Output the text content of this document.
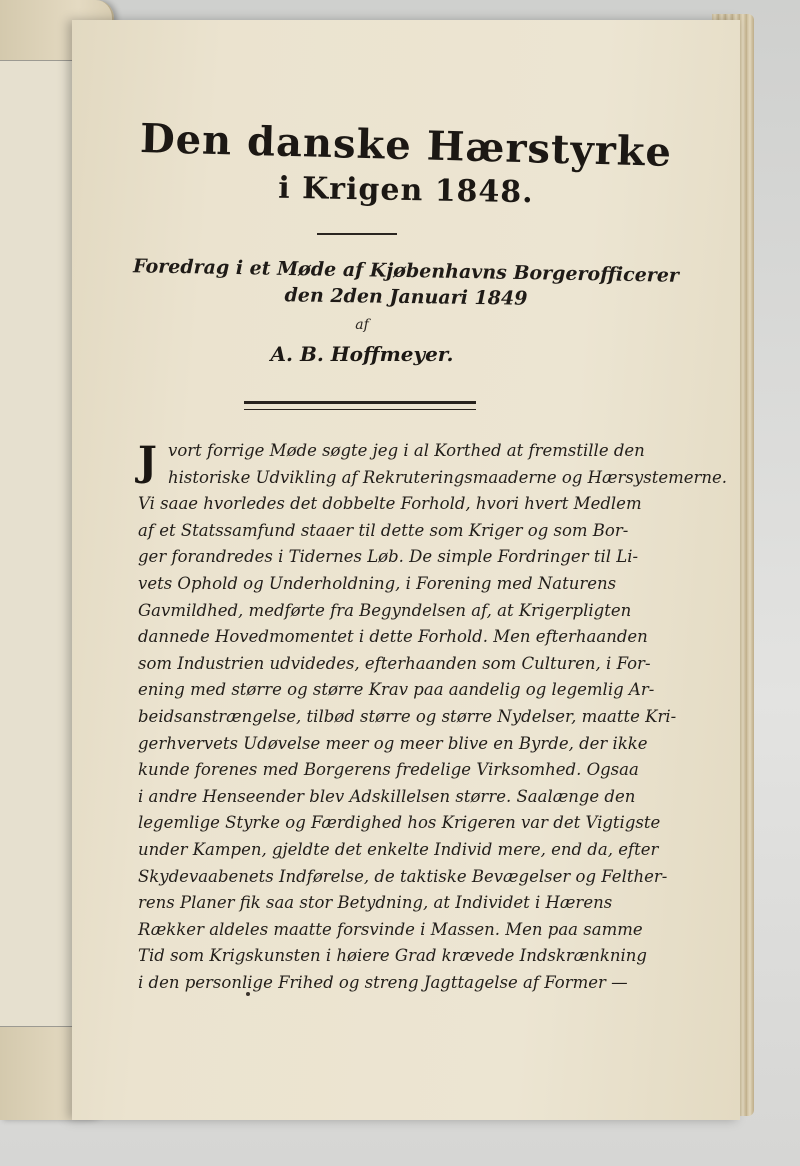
Den danske Hærstyrke
i Krigen 1848.
Foredrag i et Møde af Kjøbenhavns Borgerofficerer
den 2den Januari 1849
af
A. B. Hoffmeyer.
J vort forrige Møde søgte jeg i al Korthed at fremstille den
historiske Udvikling af Rekruteringsmaaderne og Hærsystemerne.
Vi saae hvorledes det dobbelte Forhold, hvori hvert Medlem
af et Statssamfund staaer til dette som Kriger og som Bor-
ger forandredes i Tidernes Løb. De simple Fordringer til Li-
vets Ophold og Underholdning, i Forening med Naturens
Gavmildhed, medførte fra Begyndelsen af, at Krigerpligten
dannede Hovedmomentet i dette Forhold. Men efterhaanden
som Industrien udvidedes, efterhaanden som Culturen, i For-
ening med større og større Krav paa aandelig og legemlig Ar-
beidsanstrængelse, tilbød større og større Nydelser, maatte Kri-
gerhvervets Udøvelse meer og meer blive en Byrde, der ikke
kunde forenes med Borgerens fredelige Virksomhed. Ogsaa
i andre Henseender blev Adskillelsen større. Saalænge den
legemlige Styrke og Færdighed hos Krigeren var det Vigtigste
under Kampen, gjeldte det enkelte Individ mere, end da, efter
Skydevaabenets Indførelse, de taktiske Bevægelser og Felther-
rens Planer fik saa stor Betydning, at Individet i Hærens
Rækker aldeles maatte forsvinde i Massen. Men paa samme
Tid som Krigskunsten i høiere Grad krævede Indskrænkning
i den personlige Frihed og streng Jagttagelse af Former —
